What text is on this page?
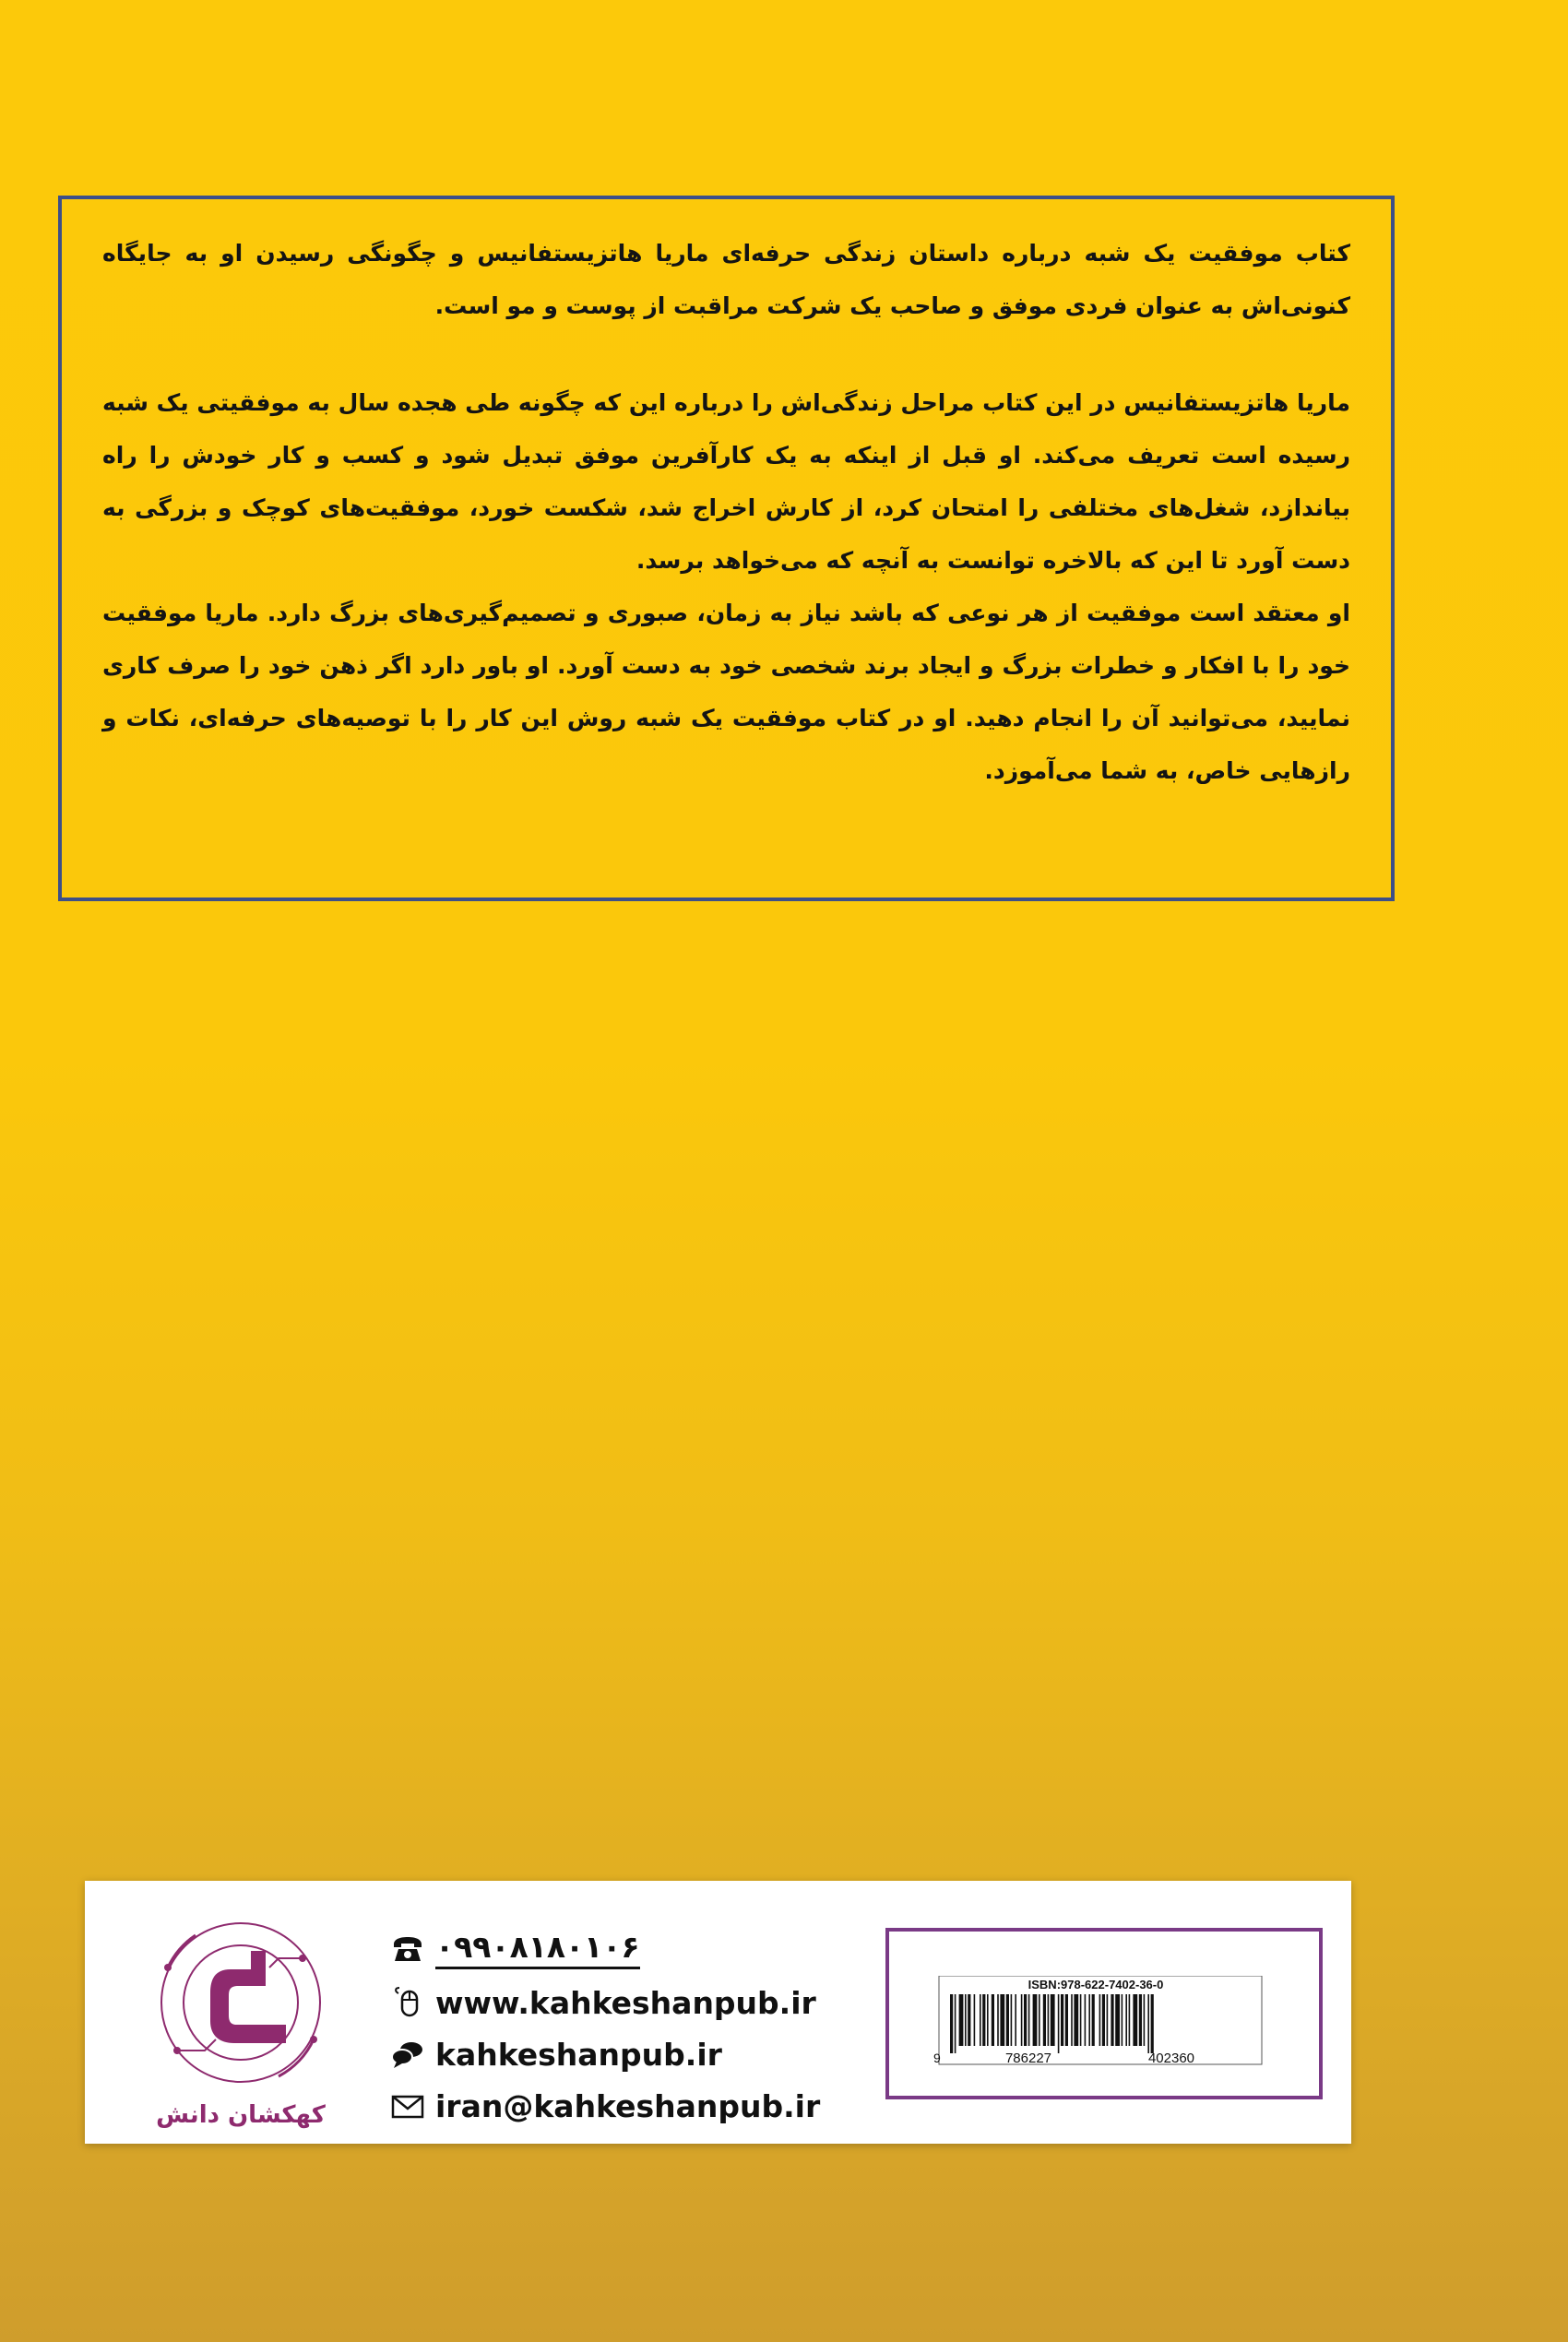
کتاب موفقیت یک شبه درباره داستان زندگی حرفه‌ای ماریا هاتزیستفانیس و چگونگی رسیدن او به جایگاه کنونی‌اش به عنوان فردی موفق و صاحب یک شرکت مراقبت از پوست و مو است.

ماریا هاتزیستفانیس در این کتاب مراحل زندگی‌اش را درباره این که چگونه طی هجده سال به موفقیتی یک شبه رسیده است تعریف می‌کند. او قبل از اینکه به یک کارآفرین موفق تبدیل شود و کسب و کار خودش را راه بیاندازد، شغل‌های مختلفی را امتحان کرد، از کارش اخراج شد، شکست خورد، موفقیت‌های کوچک و بزرگی به دست آورد تا این که بالاخره توانست به آنچه که می‌خواهد برسد.

او معتقد است موفقیت از هر نوعی که باشد نیاز به زمان، صبوری و تصمیم‌گیری‌های بزرگ دارد. ماریا موفقیت خود را با افکار و خطرات بزرگ و ایجاد برند شخصی خود به دست آورد. او باور دارد اگر ذهن خود را صرف کاری نمایید، می‌توانید آن را انجام دهید. او در کتاب موفقیت یک شبه روش این کار را با توصیه‌های حرفه‌ای، نکات و رازهایی خاص، به شما می‌آموزد.

کهکشان دانش
۰۹۹۰۸۱۸۰۱۰۶
www.kahkeshanpub.ir
kahkeshanpub.ir
iran@kahkeshanpub.ir
ISBN:978-622-7402-36-0
9	786227	402360
